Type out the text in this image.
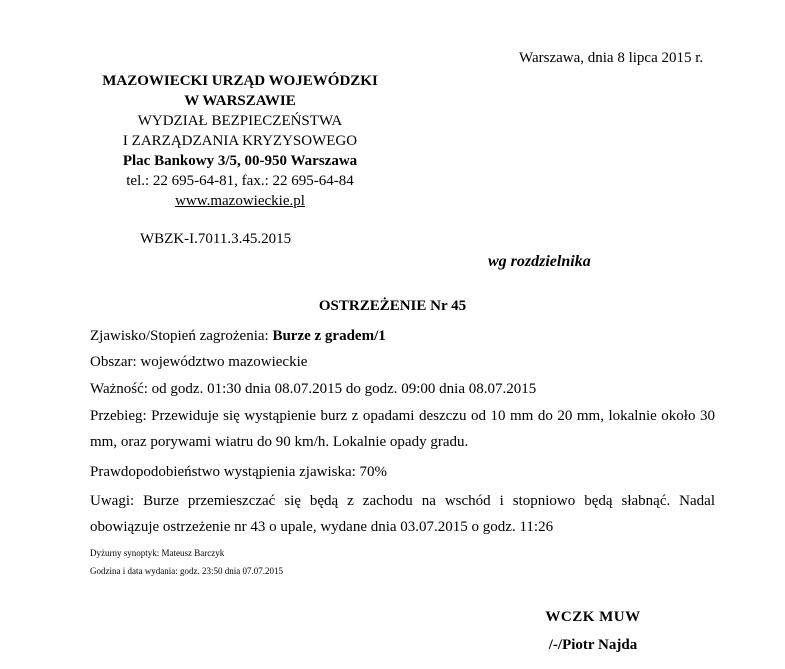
Warszawa, dnia 8 lipca 2015 r.
MAZOWIECKI URZĄD WOJEWÓDZKI
W WARSZAWIE
WYDZIAŁ BEZPIECZEŃSTWA
I ZARZĄDZANIA KRYZYSOWEGO
Plac Bankowy 3/5, 00-950 Warszawa
tel.: 22 695-64-81, fax.: 22 695-64-84
www.mazowieckie.pl
WBZK-I.7011.3.45.2015
wg rozdzielnika
OSTRZEŻENIE Nr 45
Zjawisko/Stopień zagrożenia: Burze z gradem/1
Obszar: województwo mazowieckie
Ważność: od godz. 01:30 dnia 08.07.2015 do godz. 09:00 dnia 08.07.2015
Przebieg: Przewiduje się wystąpienie burz z opadami deszczu od 10 mm do 20 mm, lokalnie około 30 mm, oraz porywami wiatru do 90 km/h. Lokalnie opady gradu.
Prawdopodobieństwo wystąpienia zjawiska: 70%
Uwagi: Burze przemieszczać się będą z zachodu na wschód i stopniowo będą słabnąć. Nadal obowiązuje ostrzeżenie nr 43 o upale, wydane dnia 03.07.2015 o godz. 11:26
Dyżurny synoptyk: Mateusz Barczyk
Godzina i data wydania: godz. 23:50 dnia 07.07.2015
WCZK MUW
/-/Piotr Najda
